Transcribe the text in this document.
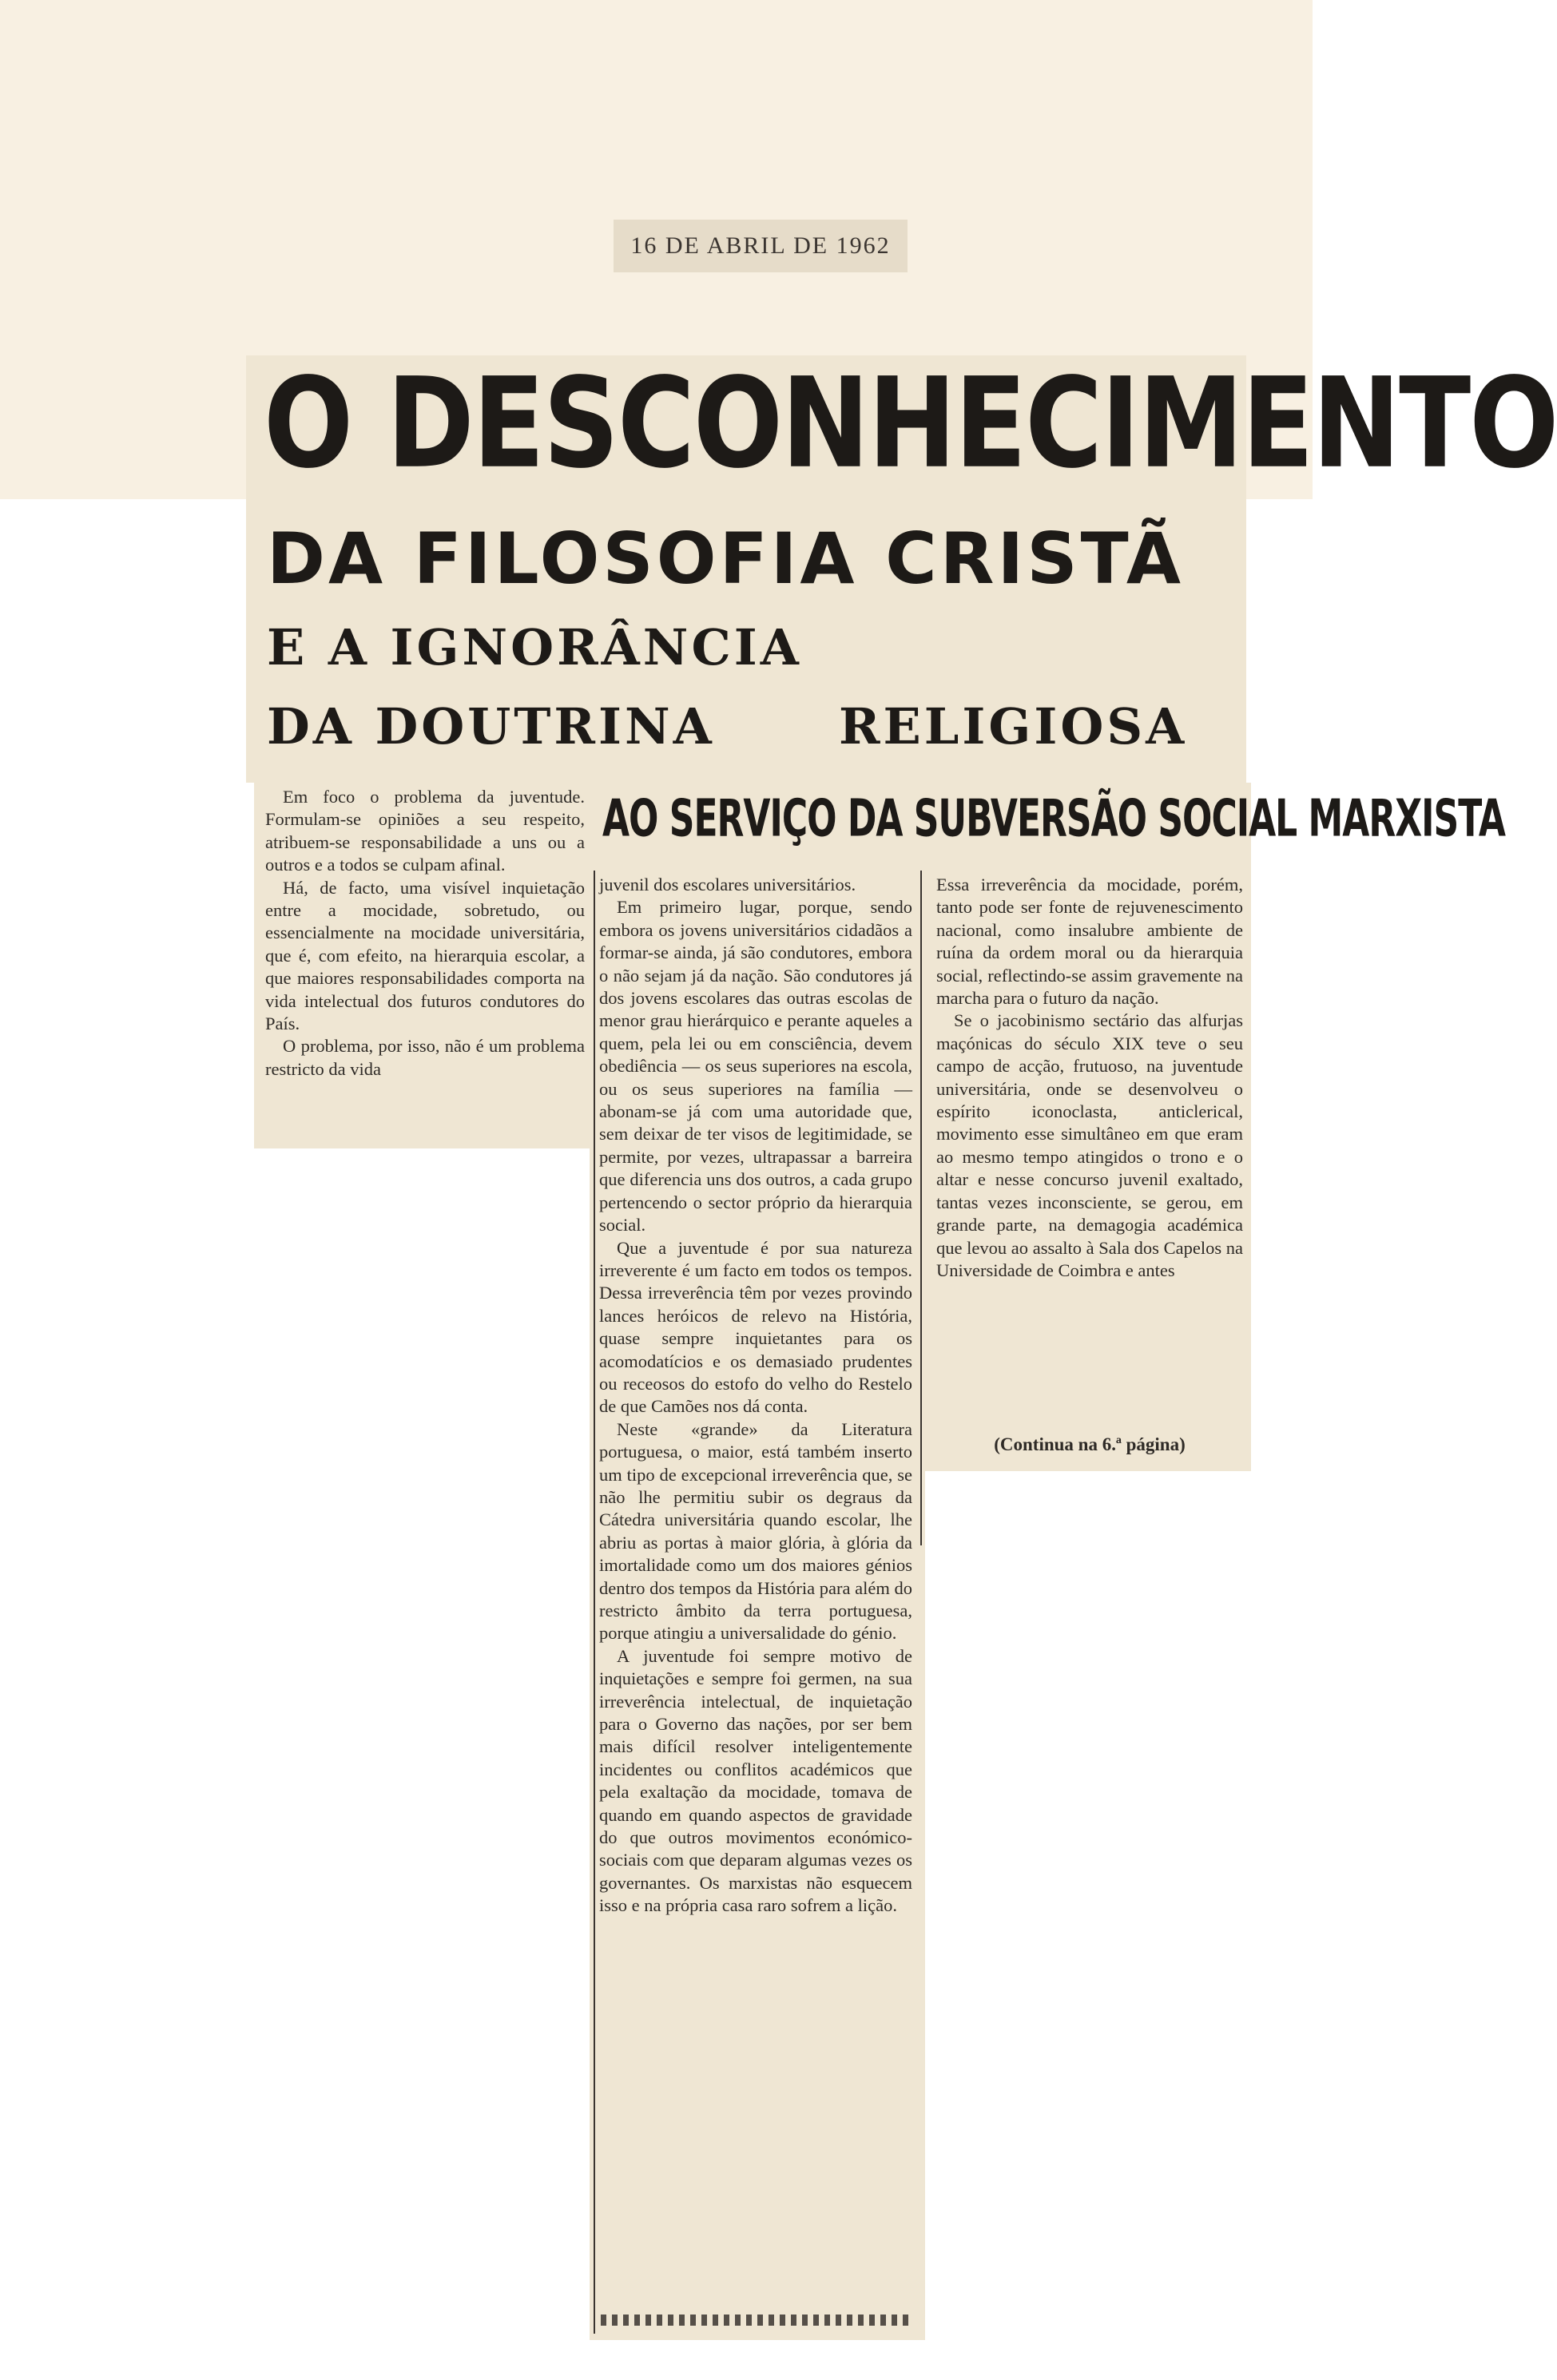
16 DE ABRIL DE 1962
O DESCONHECIMENTO
DA FILOSOFIA CRISTÃ
E A IGNORÂNCIA
DA DOUTRINA	RELIGIOSA
AO SERVIÇO DA SUBVERSÃO SOCIAL MARXISTA

Em foco o problema da juventude. Formulam-se opiniões a seu respeito, atribuem-se responsabilidade a uns ou a outros e a todos se culpam afinal.

Há, de facto, uma visível inquietação entre a mocidade, sobretudo, ou essencialmente na mocidade universitária, que é, com efeito, na hierarquia escolar, a que maiores responsabilidades comporta na vida intelectual dos futuros condutores do País.

O problema, por isso, não é um problema restricto da vida

juvenil dos escolares universitários.

Em primeiro lugar, porque, sendo embora os jovens universitários cidadãos a formar-se ainda, já são condutores, embora o não sejam já da nação. São condutores já dos jovens escolares das outras escolas de menor grau hierárquico e perante aqueles a quem, pela lei ou em consciência, devem obediência — os seus superiores na escola, ou os seus superiores na família — abonam-se já com uma autoridade que, sem deixar de ter visos de legitimidade, se permite, por vezes, ultrapassar a barreira que diferencia uns dos outros, a cada grupo pertencendo o sector próprio da hierarquia social.

Que a juventude é por sua natureza irreverente é um facto em todos os tempos. Dessa irreverência têm por vezes provindo lances heróicos de relevo na História, quase sempre inquietantes para os acomodatícios e os demasiado prudentes ou receosos do estofo do velho do Restelo de que Camões nos dá conta.

Neste «grande» da Literatura portuguesa, o maior, está também inserto um tipo de excepcional irreverência que, se não lhe permitiu subir os degraus da Cátedra universitária quando escolar, lhe abriu as portas à maior glória, à glória da imortalidade como um dos maiores génios dentro dos tempos da História para além do restricto âmbito da terra portuguesa, porque atingiu a universalidade do génio.

A juventude foi sempre motivo de inquietações e sempre foi germen, na sua irreverência intelectual, de inquietação para o Governo das nações, por ser bem mais difícil resolver inteligentemente incidentes ou conflitos académicos que pela exaltação da mocidade, tomava de quando em quando aspectos de gravidade do que outros movimentos económico-sociais com que deparam algumas vezes os governantes. Os marxistas não esquecem isso e na própria casa raro sofrem a lição.

Essa irreverência da mocidade, porém, tanto pode ser fonte de rejuvenescimento nacional, como insalubre ambiente de ruína da ordem moral ou da hierarquia social, reflectindo-se assim gravemente na marcha para o futuro da nação.

Se o jacobinismo sectário das alfurjas maçónicas do século XIX teve o seu campo de acção, frutuoso, na juventude universitária, onde se desenvolveu o espírito iconoclasta, anticlerical, movimento esse simultâneo em que eram ao mesmo tempo atingidos o trono e o altar e nesse concurso juvenil exaltado, tantas vezes inconsciente, se gerou, em grande parte, na demagogia académica que levou ao assalto à Sala dos Capelos na Universidade de Coimbra e antes

(Continua na 6.ª página)
